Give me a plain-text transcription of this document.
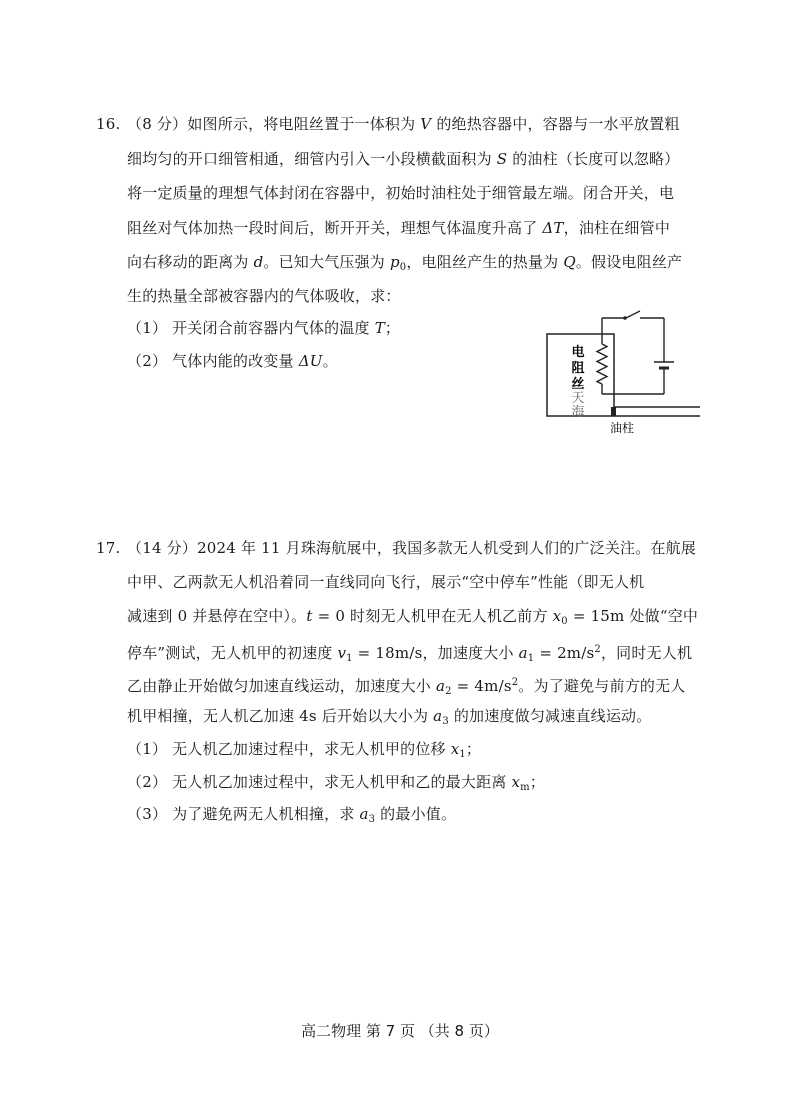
16. （8 分）如图所示，将电阻丝置于一体积为 V 的绝热容器中，容器与一水平放置粗
细均匀的开口细管相通，细管内引入一小段横截面积为 S 的油柱（长度可以忽略）
将一定质量的理想气体封闭在容器中，初始时油柱处于细管最左端。闭合开关，电
阻丝对气体加热一段时间后，断开开关，理想气体温度升高了 ΔT，油柱在细管中
向右移动的距离为 d。已知大气压强为 $p_0$，电阻丝产生的热量为 Q。假设电阻丝产
生的热量全部被容器内的气体吸收，求：
（1） 开关闭合前容器内气体的温度 T；
（2） 气体内能的改变量 ΔU。	电
阻
丝
天
海
油柱
17. （14 分）2024 年 11 月珠海航展中，我国多款无人机受到人们的广泛关注。在航展
中甲、乙两款无人机沿着同一直线同向飞行，展示“空中停车”性能（即无人机
减速到 0 并悬停在空中）。t = 0 时刻无人机甲在无人机乙前方 $x_0 = 15m$ 处做“空中
停车”测试，无人机甲的初速度 $v_1 = 18m/s$，加速度大小 $a_1 = 2m/s^2$，同时无人机
乙由静止开始做匀加速直线运动，加速度大小 $a_2 = 4m/s^2$。为了避免与前方的无人
机甲相撞，无人机乙加速 4s 后开始以大小为 $a_3$ 的加速度做匀减速直线运动。
（1） 无人机乙加速过程中，求无人机甲的位移 $x_1$；
（2） 无人机乙加速过程中，求无人机甲和乙的最大距离 $x_m$；
（3） 为了避免两无人机相撞，求 $a_3$ 的最小值。
高二物理 第 7 页 （共 8 页）
